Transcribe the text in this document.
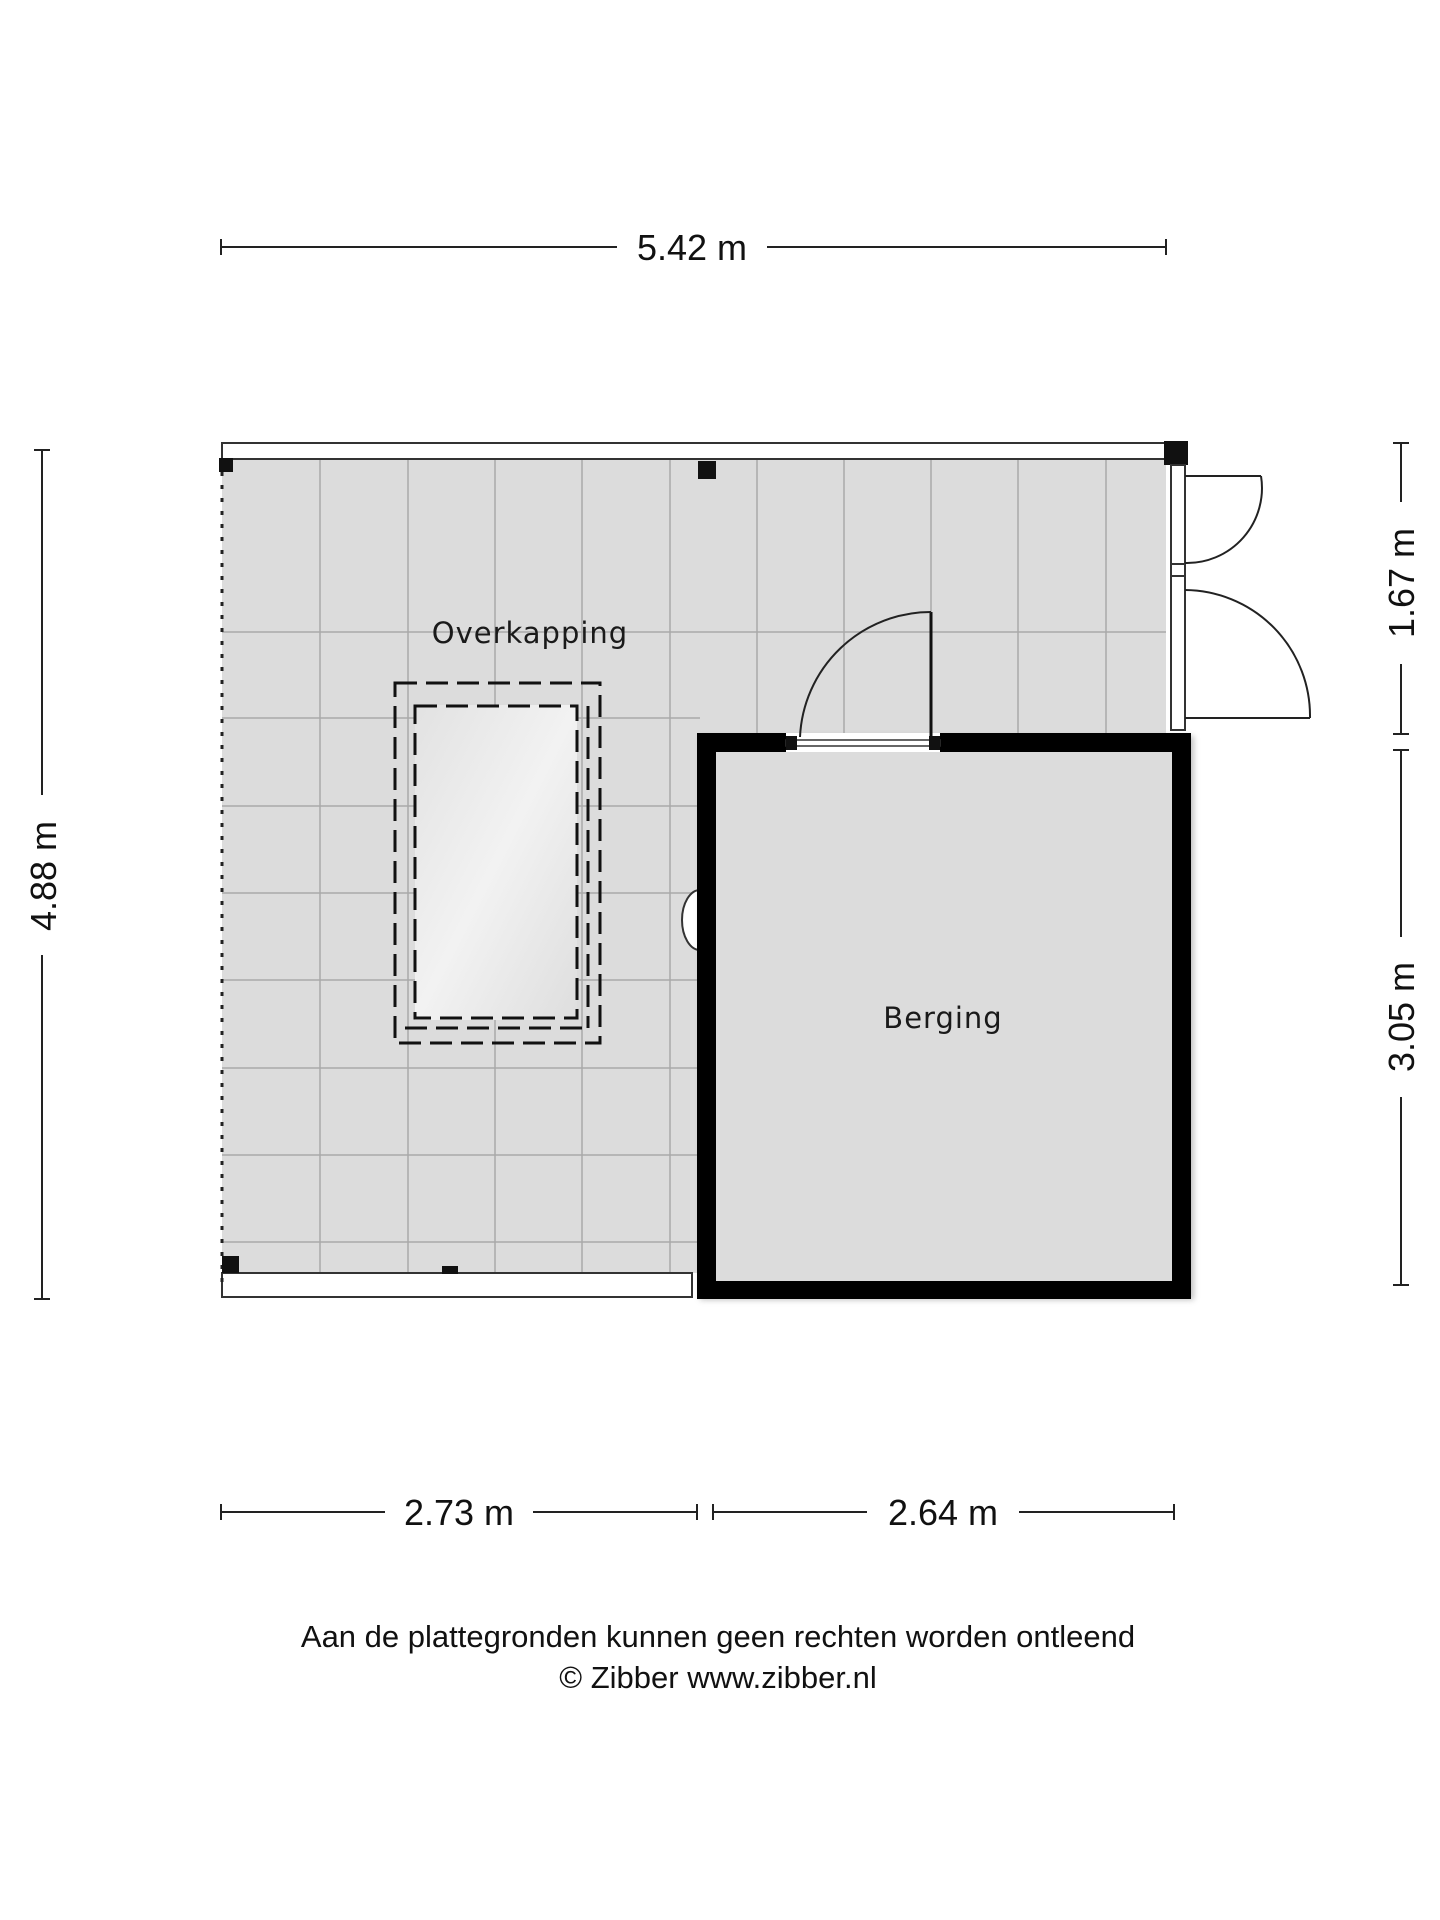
Overkapping
Berging
5.42 m
4.88 m
1.67 m
3.05 m
2.73 m	2.64 m
Aan de plattegronden kunnen geen rechten worden ontleend
© Zibber www.zibber.nl
